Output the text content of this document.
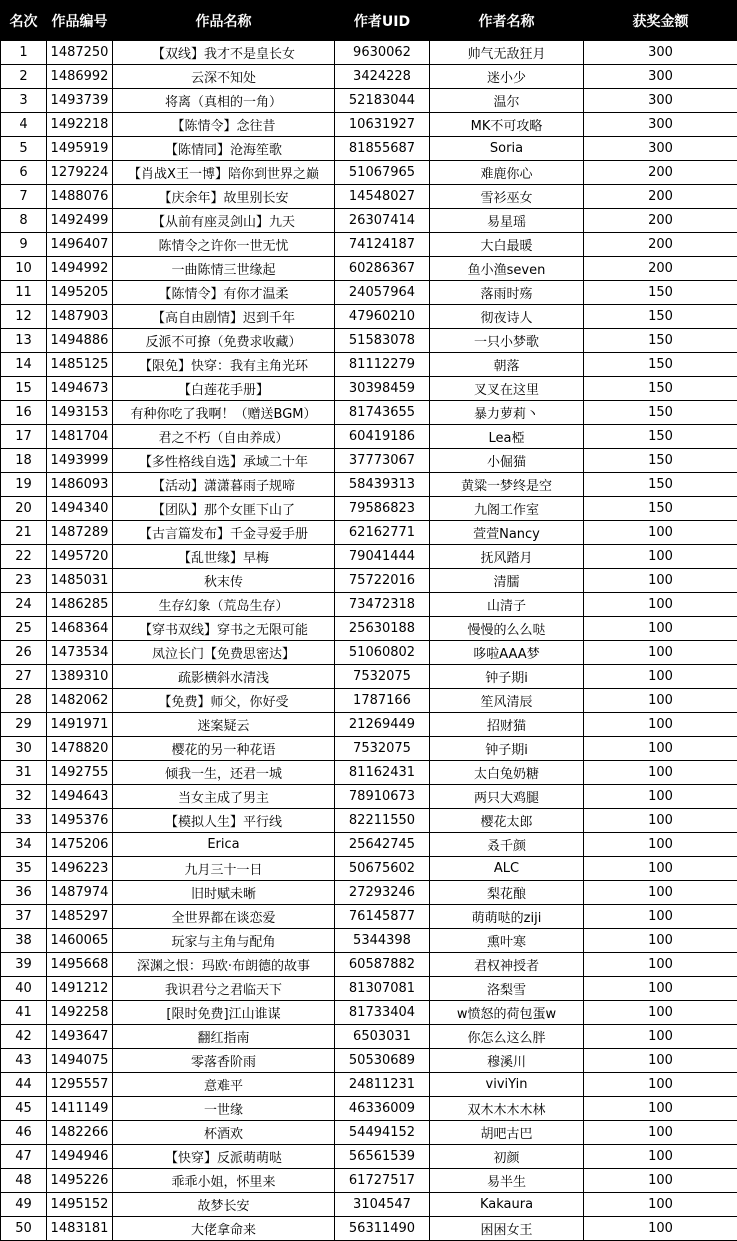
名次	作品编号	作品名称	作者UID	作者名称	获奖金额
1	1487250	【双线】我才不是皇长女	9630062	帅气无敌狂月	300
2	1486992	云深不知处	3424228	迷小少	300
3	1493739	将离（真相的一角）	52183044	温尔	300
4	1492218	【陈情令】念往昔	10631927	MK不可攻略	300
5	1495919	【陈情同】沧海笙歌	81855687	Soria	300
6	1279224	【肖战X王一博】陪你到世界之巅	51067965	难鹿你心	200
7	1488076	【庆余年】故里别长安	14548027	雪衫巫女	200
8	1492499	【从前有座灵剑山】九天	26307414	易星瑶	200
9	1496407	陈情令之许你一世无忧	74124187	大白最暖	200
10	1494992	一曲陈情三世缘起	60286367	鱼小渔seven	200
11	1495205	【陈情令】有你才温柔	24057964	落雨时殇	150
12	1487903	【高自由剧情】迟到千年	47960210	彻夜诗人	150
13	1494886	反派不可撩（免费求收藏）	51583078	一只小梦歌	150
14	1485125	【限免】快穿：我有主角光环	81112279	朝落	150
15	1494673	【白莲花手册】	30398459	叉叉在这里	150
16	1493153	有种你吃了我啊！（赠送BGM）	81743655	暴力萝莉丶	150
17	1481704	君之不朽（自由养成）	60419186	Lea椏	150
18	1493999	【多性格线自选】承域二十年	37773067	小倔猫	150
19	1486093	【活动】潇潇暮雨子规啼	58439313	黄粱一梦终是空	150
20	1494340	【团队】那个女匪下山了	79586823	九阁工作室	150
21	1487289	【古言篇发布】千金寻爱手册	62162771	萱萱Nancy	100
22	1495720	【乱世缘】早梅	79041444	抚风踏月	100
23	1485031	秋末传	75722016	清臑	100
24	1486285	生存幻象（荒岛生存）	73472318	山清子	100
25	1468364	【穿书双线】穿书之无限可能	25630188	慢慢的么么哒	100
26	1473534	凤泣长门【免费思密达】	51060802	哆啦AAA梦	100
27	1389310	疏影横斜水清浅	7532075	钟子期i	100
28	1482062	【免费】师父，你好受	1787166	笙风清辰	100
29	1491971	迷案疑云	21269449	招财猫	100
30	1478820	樱花的另一种花语	7532075	钟子期i	100
31	1492755	倾我一生，还君一城	81162431	太白兔奶糖	100
32	1494643	当女主成了男主	78910673	两只大鸡腿	100
33	1495376	【模拟人生】平行线	82211550	樱花太郎	100
34	1475206	Erica	25642745	叒千颜	100
35	1496223	九月三十一日	50675602	ALC	100
36	1487974	旧时赋未晰	27293246	梨花酿	100
37	1485297	全世界都在谈恋爱	76145877	萌萌哒的ziji	100
38	1460065	玩家与主角与配角	5344398	熏叶寒	100
39	1495668	深渊之恨：玛欧·布朗德的故事	60587882	君权神授者	100
40	1491212	我识君兮之君临天下	81307081	洛梨雪	100
41	1492258	[限时免费]江山谁谋	81733404	w愤怒的荷包蛋w	100
42	1493647	翻红指南	6503031	你怎么这么胖	100
43	1494075	零落香阶雨	50530689	穆溪川	100
44	1295557	意难平	24811231	viviYin	100
45	1411149	一世缘	46336009	双木木木木林	100
46	1482266	杯酒欢	54494152	胡吧古巴	100
47	1494946	【快穿】反派萌萌哒	56561539	初颜	100
48	1495226	乖乖小姐，怀里来	61727517	易半生	100
49	1495152	故梦长安	3104547	Kakaura	100
50	1483181	大佬拿命来	56311490	困困女王	100
